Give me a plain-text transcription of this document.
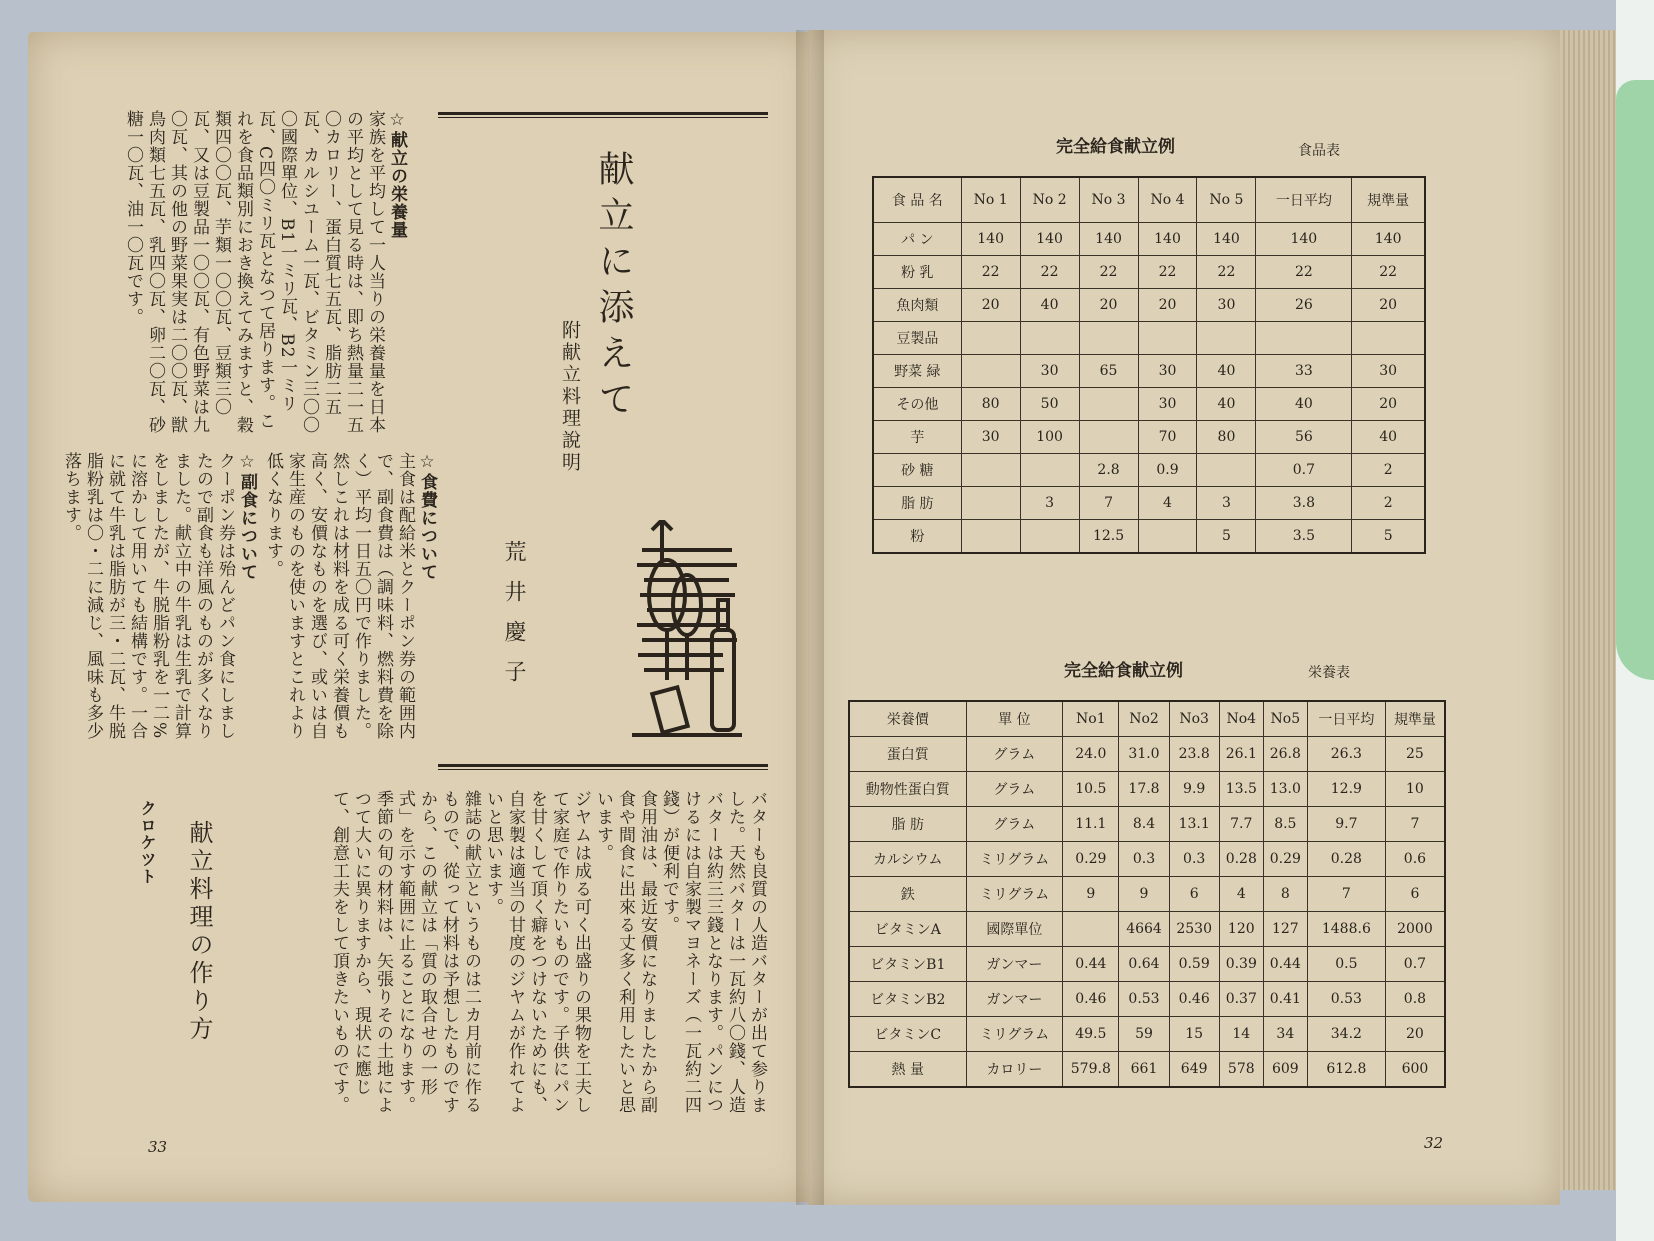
献立に添えて
附献立料理說明
荒井慶子

☆献立の栄養量

家族を平均して一人当りの栄養量を日本の平均として見る時は、即ち熱量二一五〇カロリー、蛋白質七五瓦、脂肪二五瓦、カルシユーム一瓦、ビタミン三〇〇〇國際單位、B1一ミリ瓦、B2一ミリ瓦、C四〇ミリ瓦となつて居ります。これを食品類別におき換えてみますと、穀類四〇〇瓦、芋類一〇〇瓦、豆類三〇瓦、又は豆製品一〇〇瓦、有色野菜は九〇瓦、其の他の野菜果実は二〇〇瓦、獣鳥肉類七五瓦、乳四〇瓦、卵二〇瓦、砂糖一〇瓦、油一〇瓦です。

☆食費について

主食は配給米とクーポン券の範囲内で、副食費は（調味料、燃料費を除く）平均一日五〇円で作りました。然しこれは材料を成る可く栄養價も高く、安價なものを選び、或いは自家生産のものを使いますとこれより低くなります。

☆副食について

クーポン券は殆んどパン食にしましたので副食も洋風のものが多くなりました。献立中の牛乳は生乳で計算をしましたが、牛脱脂粉乳を一二%に溶かして用いても結構です。一合に就て牛乳は脂肪が三・二瓦、牛脱脂粉乳は〇・二に減じ、風味も多少落ちます。

バターも良質の人造バターが出て参りました。天然バターは一瓦約八〇錢、人造バターは約三三錢となります。パンにつけるには自家製マヨネーズ（一瓦約二四錢）が便利です。

食用油は、最近安價になりましたから副食や間食に出來る丈多く利用したいと思います。

ジヤムは成る可く出盛りの果物を工夫して家庭で作りたいものです。子供にパンを甘くして頂く癖をつけないためにも、自家製は適当の甘度のジヤムが作れてよいと思います。

雜誌の献立というものは二カ月前に作るもので、從って材料は予想したものですから、この献立は「質の取合せの一形式」を示す範囲に止ることになります。季節の旬の材料は、矢張りその土地によつて大いに異りますから、現状に應じて、創意工夫をして頂きたいものです。

献立料理の作り方
クロケツト
33
完全給食献立例	食品表
食 品 名	No 1	No 2	No 3	No 4	No 5	一日平均	規準量
パ ン	140	140	140	140	140	140	140
粉 乳	22	22	22	22	22	22	22
魚肉類	20	40	20	20	30	26	20
豆製品							
野菜 緑		30	65	30	40	33	30
その他	80	50		30	40	40	20
芋	30	100		70	80	56	40
砂 糖			2.8	0.9		0.7	2
脂 肪		3	7	4	3	3.8	2
粉			12.5		5	3.5	5
完全給食献立例	栄養表
栄養價	單 位	No1	No2	No3	No4	No5	一日平均	規準量
蛋白質	グラム	24.0	31.0	23.8	26.1	26.8	26.3	25
動物性蛋白質	グラム	10.5	17.8	9.9	13.5	13.0	12.9	10
脂 肪	グラム	11.1	8.4	13.1	7.7	8.5	9.7	7
カルシウム	ミリグラム	0.29	0.3	0.3	0.28	0.29	0.28	0.6
鉄	ミリグラム	9	9	6	4	8	7	6
ビタミンA	國際單位		4664	2530	120	127	1488.6	2000
ビタミンB1	ガンマー	0.44	0.64	0.59	0.39	0.44	0.5	0.7
ビタミンB2	ガンマー	0.46	0.53	0.46	0.37	0.41	0.53	0.8
ビタミンC	ミリグラム	49.5	59	15	14	34	34.2	20
熱 量	カロリー	579.8	661	649	578	609	612.8	600
32
